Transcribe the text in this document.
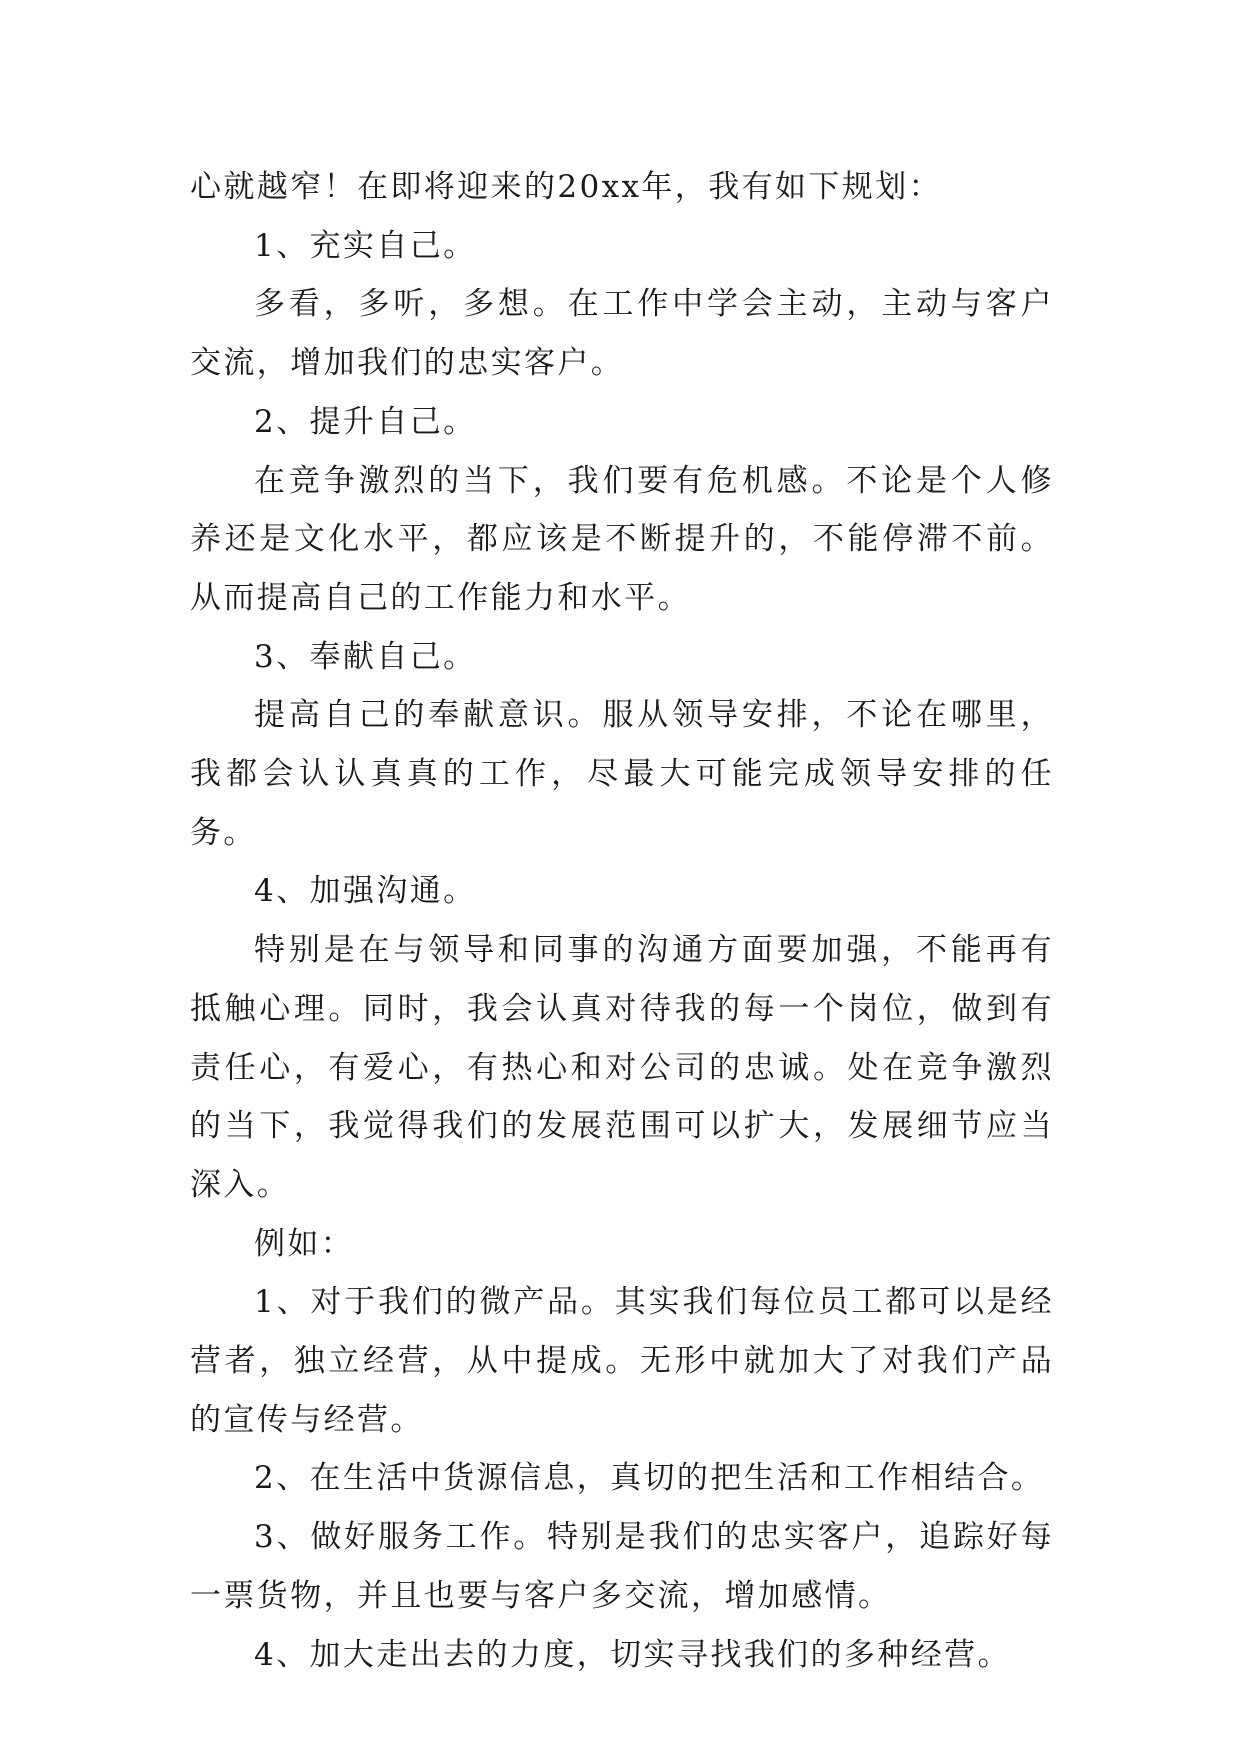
心就越窄！在即将迎来的20xx年，我有如下规划：

1、充实自己。

多看，多听，多想。在工作中学会主动，主动与客户交流，增加我们的忠实客户。

2、提升自己。

在竞争激烈的当下，我们要有危机感。不论是个人修养还是文化水平，都应该是不断提升的，不能停滞不前。从而提高自己的工作能力和水平。

3、奉献自己。

提高自己的奉献意识。服从领导安排，不论在哪里，我都会认认真真的工作，尽最大可能完成领导安排的任务。

4、加强沟通。

特别是在与领导和同事的沟通方面要加强，不能再有抵触心理。同时，我会认真对待我的每一个岗位，做到有责任心，有爱心，有热心和对公司的忠诚。处在竞争激烈的当下，我觉得我们的发展范围可以扩大，发展细节应当深入。

例如：

1、对于我们的微产品。其实我们每位员工都可以是经营者，独立经营，从中提成。无形中就加大了对我们产品的宣传与经营。

2、在生活中货源信息，真切的把生活和工作相结合。

3、做好服务工作。特别是我们的忠实客户，追踪好每一票货物，并且也要与客户多交流，增加感情。

4、加大走出去的力度，切实寻找我们的多种经营。
